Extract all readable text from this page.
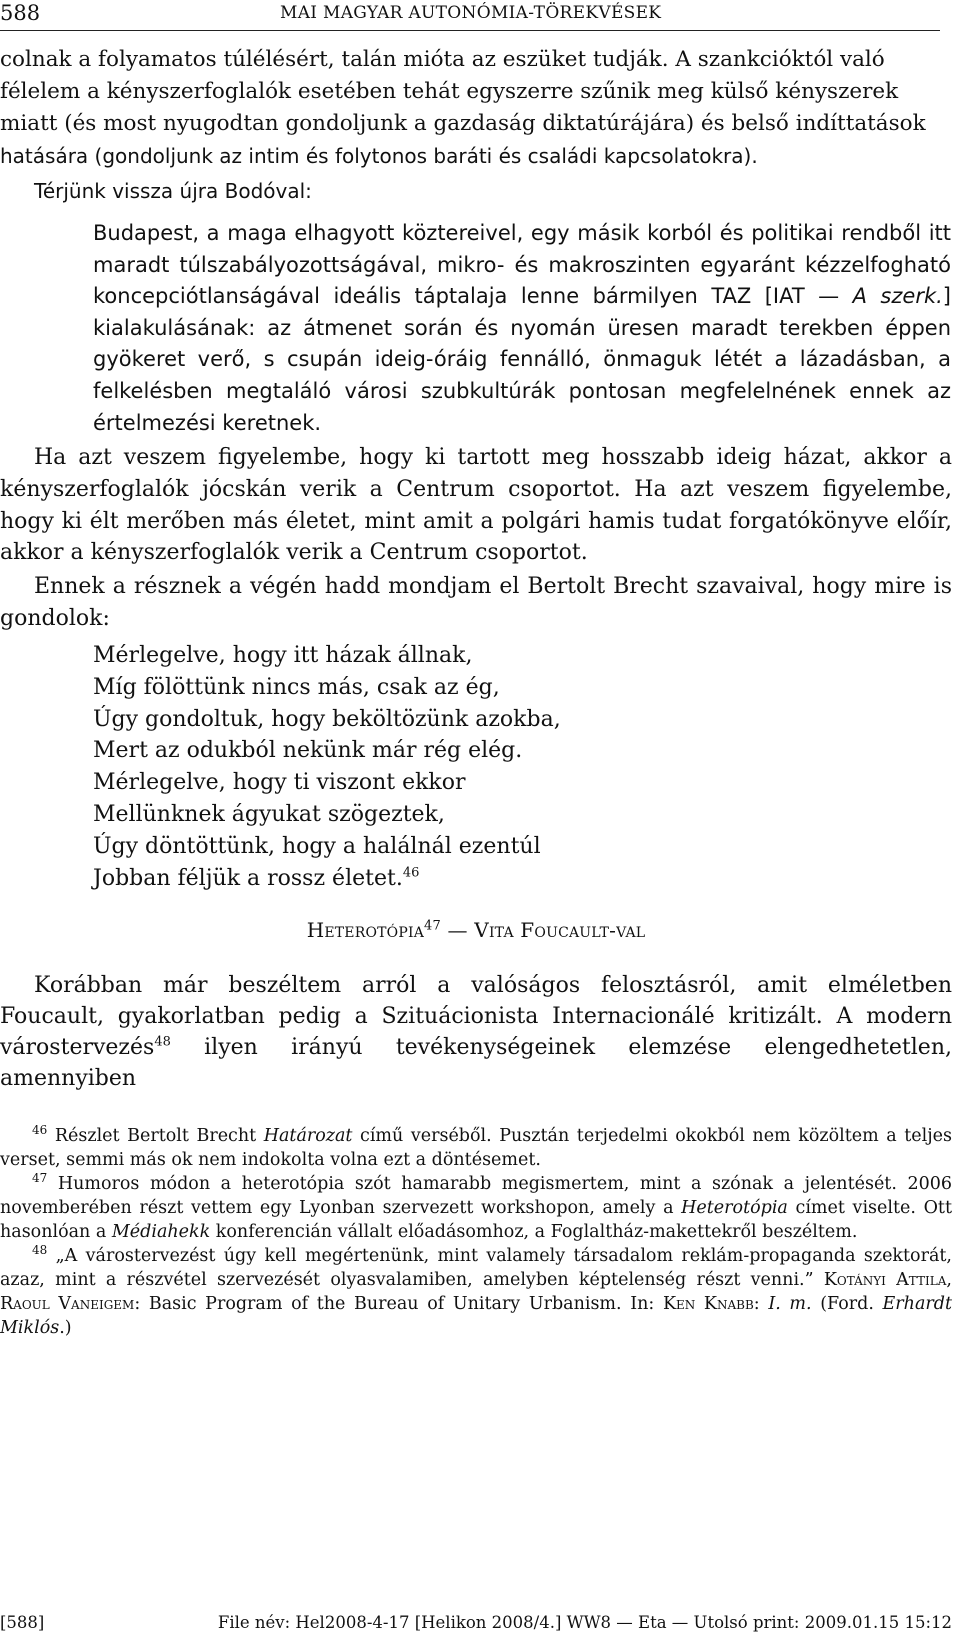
588	MAI MAGYAR AUTONÓMIA-TÖREKVÉSEK
colnak a folyamatos túlélésért, talán mióta az eszüket tudják. A szankcióktól való
félelem a kényszerfoglalók esetében tehát egyszerre szűnik meg külső kényszerek
miatt (és most nyugodtan gondoljunk a gazdaság diktatúrájára) és belső indíttatások
hatására (gondoljunk az intim és folytonos baráti és családi kapcsolatokra).
Térjünk vissza újra Bodóval:
Budapest, a maga elhagyott köztereivel, egy másik korból és politikai rendből itt maradt túlszabályozottságával, mikro- és makroszinten egyaránt kézzelfogható koncepciótlanságával ideális táptalaja lenne bármilyen TAZ [IAT — A szerk.] kialakulásának: az átmenet során és nyomán üresen maradt terekben éppen gyökeret verő, s csupán ideig-óráig fennálló, önmaguk létét a lázadásban, a felkelésben megtaláló városi szubkultúrák pontosan megfelelnének ennek az értelmezési keretnek.
Ha azt veszem figyelembe, hogy ki tartott meg hosszabb ideig házat, akkor a kényszerfoglalók jócskán verik a Centrum csoportot. Ha azt veszem figyelembe, hogy ki élt merőben más életet, mint amit a polgári hamis tudat forgatókönyve előír, akkor a kényszerfoglalók verik a Centrum csoportot.
Ennek a résznek a végén hadd mondjam el Bertolt Brecht szavaival, hogy mire is gondolok:
Mérlegelve, hogy itt házak állnak,
Míg fölöttünk nincs más, csak az ég,
Úgy gondoltuk, hogy beköltözünk azokba,
Mert az odukból nekünk már rég elég.
Mérlegelve, hogy ti viszont ekkor
Mellünknek ágyukat szögeztek,
Úgy döntöttünk, hogy a halálnál ezentúl
Jobban féljük a rossz életet.$^{46}$
Heterotópia$^{47}$ — Vita Foucault-val
Korábban már beszéltem arról a valóságos felosztásról, amit elméletben Foucault, gyakorlatban pedig a Szituácionista Internacionálé kritizált. A modern várostervezés$^{48}$ ilyen irányú tevékenységeinek elemzése elengedhetetlen, amennyiben
$^{46}$ Részlet Bertolt Brecht Határozat című verséből. Pusztán terjedelmi okokból nem közöltem a teljes verset, semmi más ok nem indokolta volna ezt a döntésemet.
$^{47}$ Humoros módon a heterotópia szót hamarabb megismertem, mint a szónak a jelentését. 2006 novemberében részt vettem egy Lyonban szervezett workshopon, amely a Heterotópia címet viselte. Ott hasonlóan a Médiahekk konferencián vállalt előadásomhoz, a Foglaltház-makettekről beszéltem.
$^{48}$ „A várostervezést úgy kell megértenünk, mint valamely társadalom reklám-propaganda szektorát, azaz, mint a részvétel szervezését olyasvalamiben, amelyben képtelenség részt venni.” Kotányi Attila, Raoul Vaneigem: Basic Program of the Bureau of Unitary Urbanism. In: Ken Knabb: I. m. (Ford. Erhardt Miklós.)
[588]	File név: Hel2008-4-17 [Helikon 2008/4.] WW8 — Eta — Utolsó print: 2009.01.15 15:12
